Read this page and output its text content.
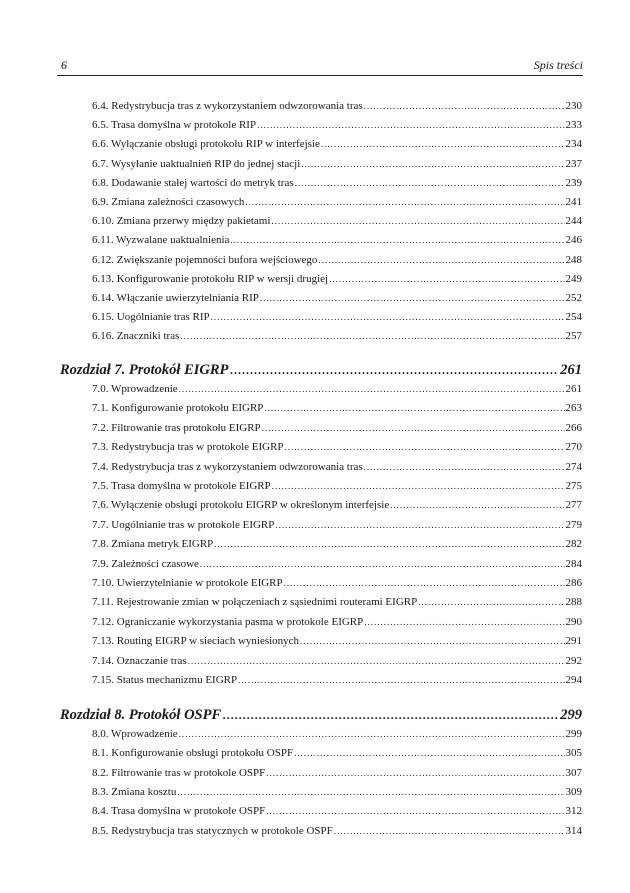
6	Spis treści
6.4. Redystrybucja tras z wykorzystaniem odwzorowania tras .....	230
6.5. Trasa domyślna w protokole RIP .....	233
6.6. Wyłączanie obsługi protokołu RIP w interfejsie .....	234
6.7. Wysyłanie uaktualnień RIP do jednej stacji .....	237
6.8. Dodawanie stałej wartości do metryk tras .....	239
6.9. Zmiana zależności czasowych .....	241
6.10. Zmiana przerwy między pakietami .....	244
6.11. Wyzwalane uaktualnienia .....	246
6.12. Zwiększanie pojemności bufora wejściowego .....	248
6.13. Konfigurowanie protokołu RIP w wersji drugiej .....	249
6.14. Włączanie uwierzytelniania RIP .....	252
6.15. Uogólnianie tras RIP .....	254
6.16. Znaczniki tras .....	257
Rozdział 7. Protokół EIGRP .....	261
7.0. Wprowadzenie .....	261
7.1. Konfigurowanie protokołu EIGRP .....	263
7.2. Filtrowanie tras protokołu EIGRP .....	266
7.3. Redystrybucja tras w protokole EIGRP .....	270
7.4. Redystrybucja tras z wykorzystaniem odwzorowania tras .....	274
7.5. Trasa domyślna w protokole EIGRP .....	275
7.6. Wyłączenie obsługi protokołu EIGRP w określonym interfejsie .....	277
7.7. Uogólnianie tras w protokole EIGRP .....	279
7.8. Zmiana metryk EIGRP .....	282
7.9. Zależności czasowe .....	284
7.10. Uwierzytelnianie w protokole EIGRP .....	286
7.11. Rejestrowanie zmian w połączeniach z sąsiednimi routerami EIGRP .....	288
7.12. Ograniczanie wykorzystania pasma w protokole EIGRP .....	290
7.13. Routing EIGRP w sieciach wyniesionych .....	291
7.14. Oznaczanie tras .....	292
7.15. Status mechanizmu EIGRP .....	294
Rozdział 8. Protokół OSPF .....	299
8.0. Wprowadzenie .....	299
8.1. Konfigurowanie obsługi protokołu OSPF .....	305
8.2. Filtrowanie tras w protokole OSPF .....	307
8.3. Zmiana kosztu .....	309
8.4. Trasa domyślna w protokole OSPF .....	312
8.5. Redystrybucja tras statycznych w protokole OSPF .....	314
